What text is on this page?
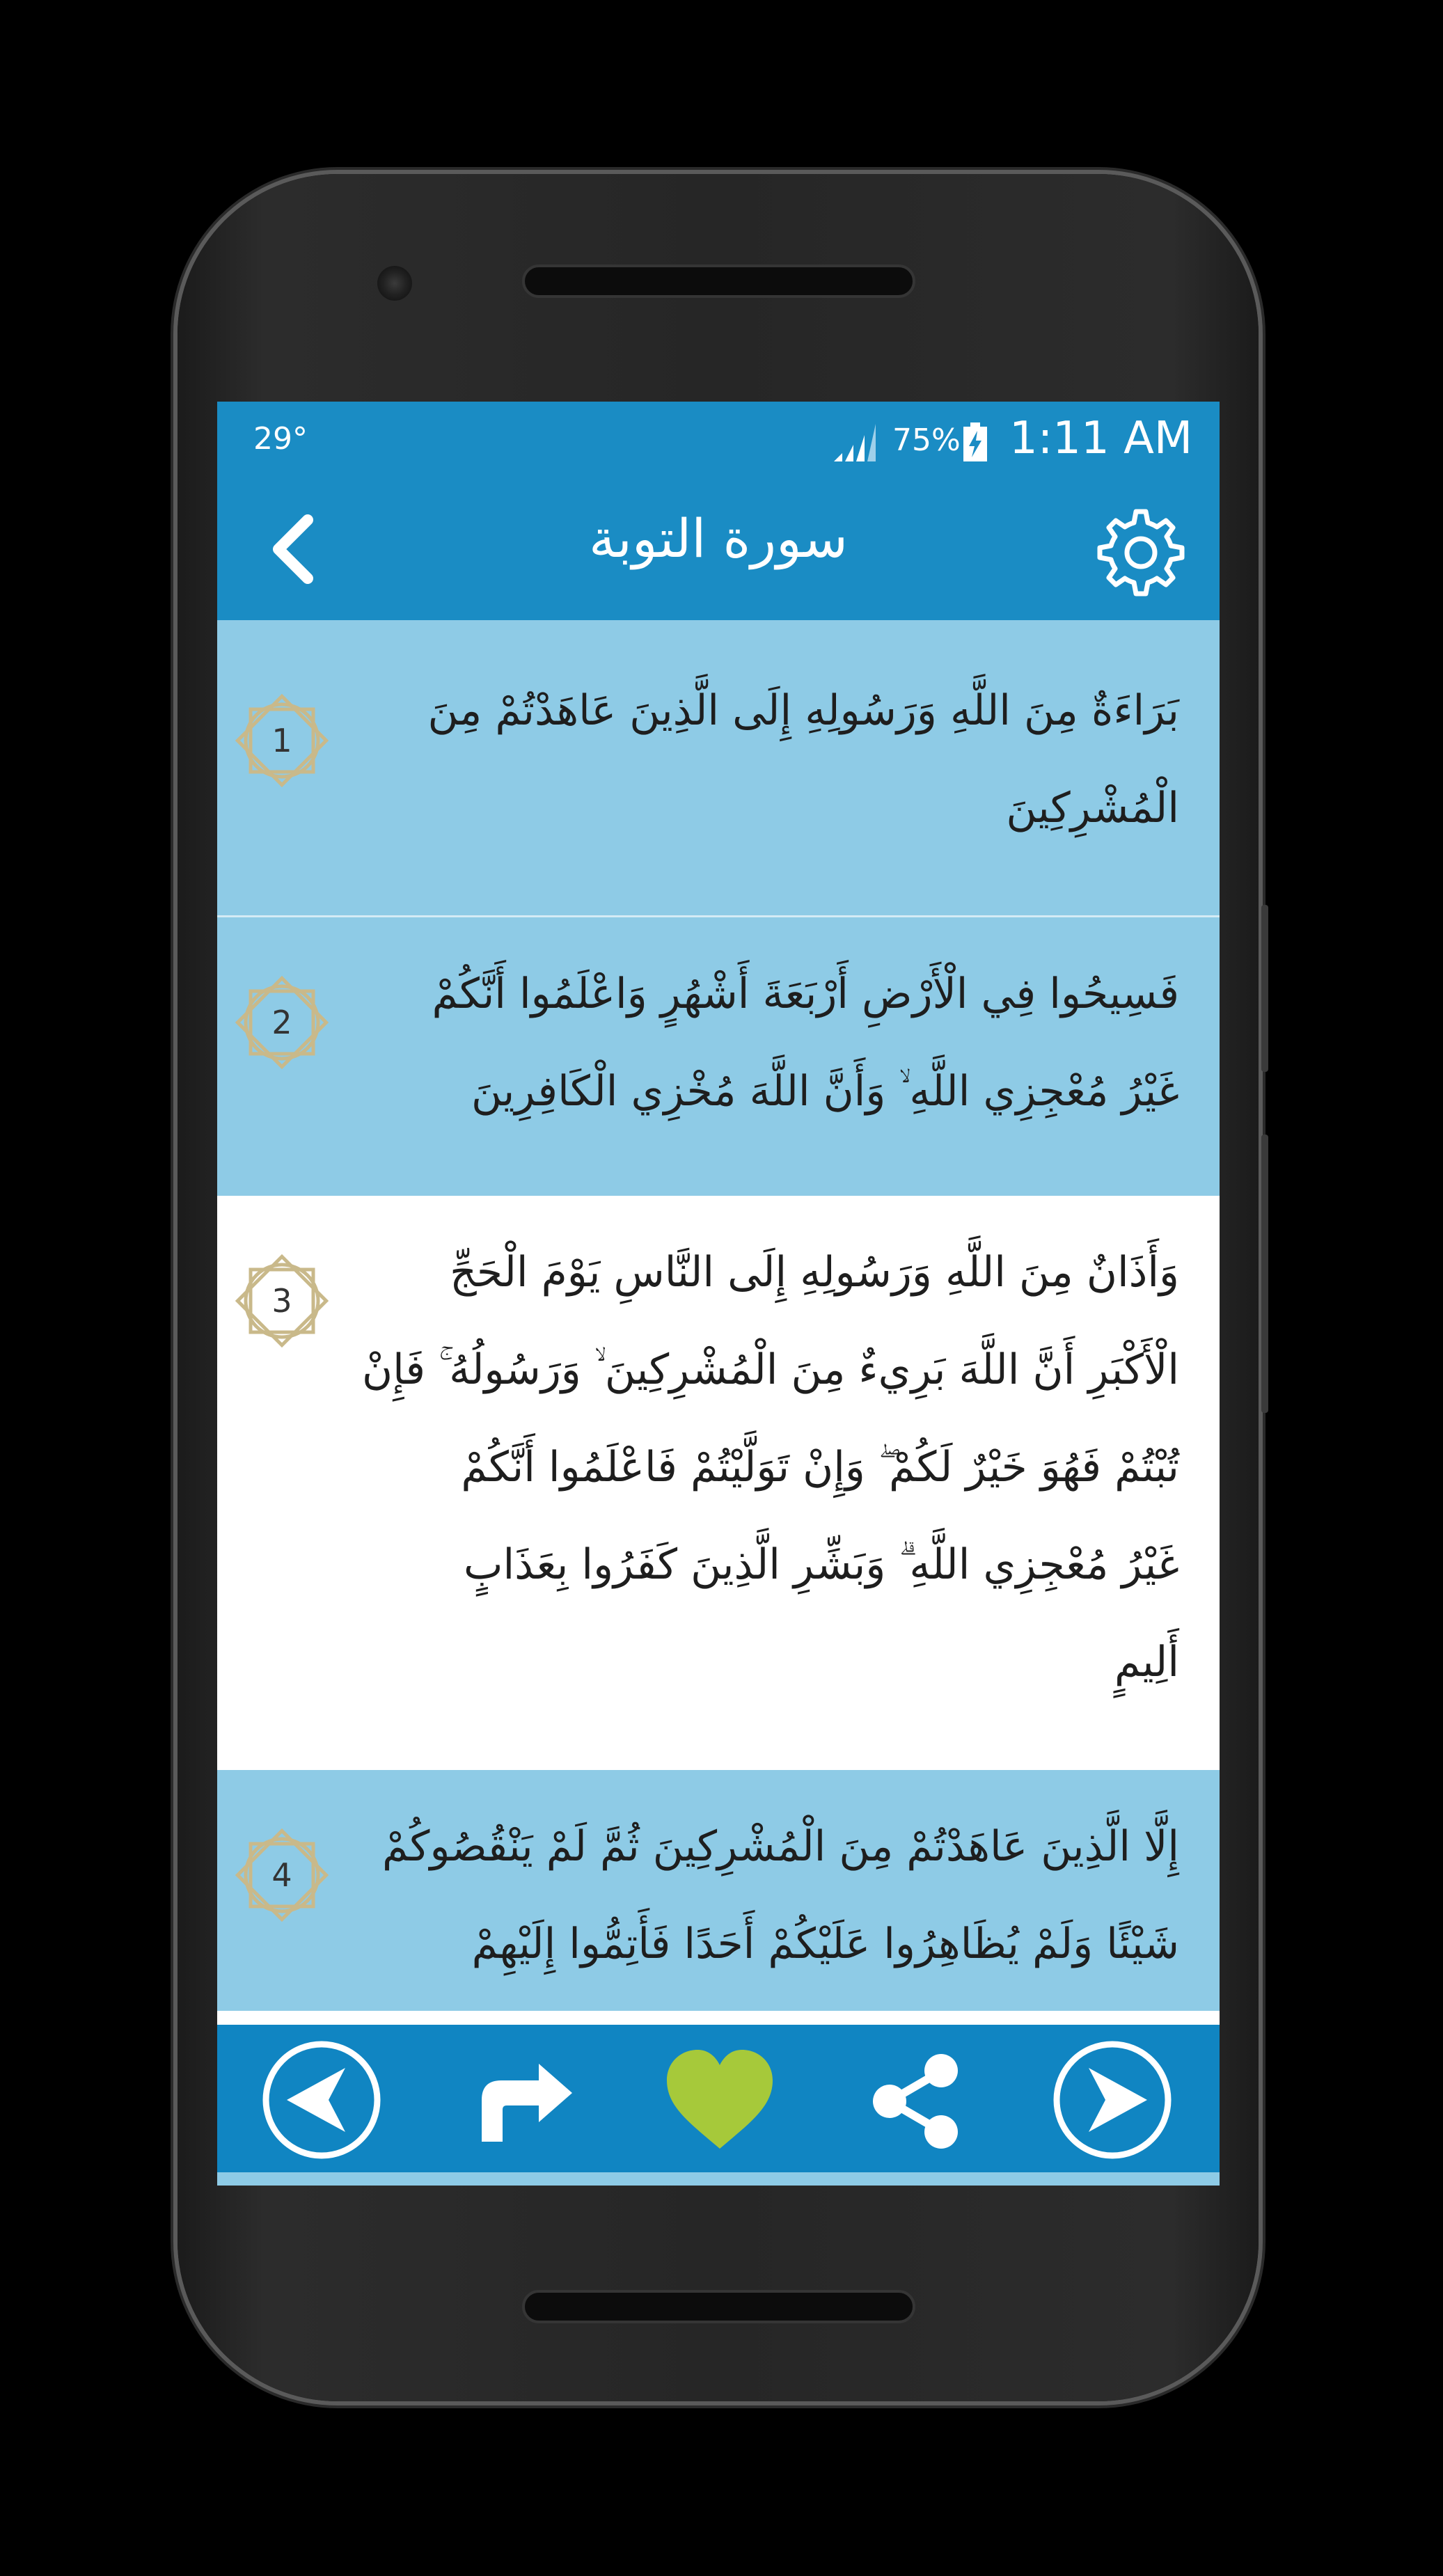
29°	75% 1:11 AM
سورة التوبة
1
بَرَاءَةٌ مِنَ اللَّهِ وَرَسُولِهِ إِلَى الَّذِينَ عَاهَدْتُمْ مِنَ
الْمُشْرِكِينَ
2
فَسِيحُوا فِي الْأَرْضِ أَرْبَعَةَ أَشْهُرٍ وَاعْلَمُوا أَنَّكُمْ
غَيْرُ مُعْجِزِي اللَّهِ ۙ وَأَنَّ اللَّهَ مُخْزِي الْكَافِرِينَ
3
وَأَذَانٌ مِنَ اللَّهِ وَرَسُولِهِ إِلَى النَّاسِ يَوْمَ الْحَجِّ
الْأَكْبَرِ أَنَّ اللَّهَ بَرِيءٌ مِنَ الْمُشْرِكِينَ ۙ وَرَسُولُهُ ۚ فَإِنْ
تُبْتُمْ فَهُوَ خَيْرٌ لَكُمْ ۖ وَإِنْ تَوَلَّيْتُمْ فَاعْلَمُوا أَنَّكُمْ
غَيْرُ مُعْجِزِي اللَّهِ ۗ وَبَشِّرِ الَّذِينَ كَفَرُوا بِعَذَابٍ
أَلِيمٍ
4
إِلَّا الَّذِينَ عَاهَدْتُمْ مِنَ الْمُشْرِكِينَ ثُمَّ لَمْ يَنْقُصُوكُمْ
شَيْئًا وَلَمْ يُظَاهِرُوا عَلَيْكُمْ أَحَدًا فَأَتِمُّوا إِلَيْهِمْ
